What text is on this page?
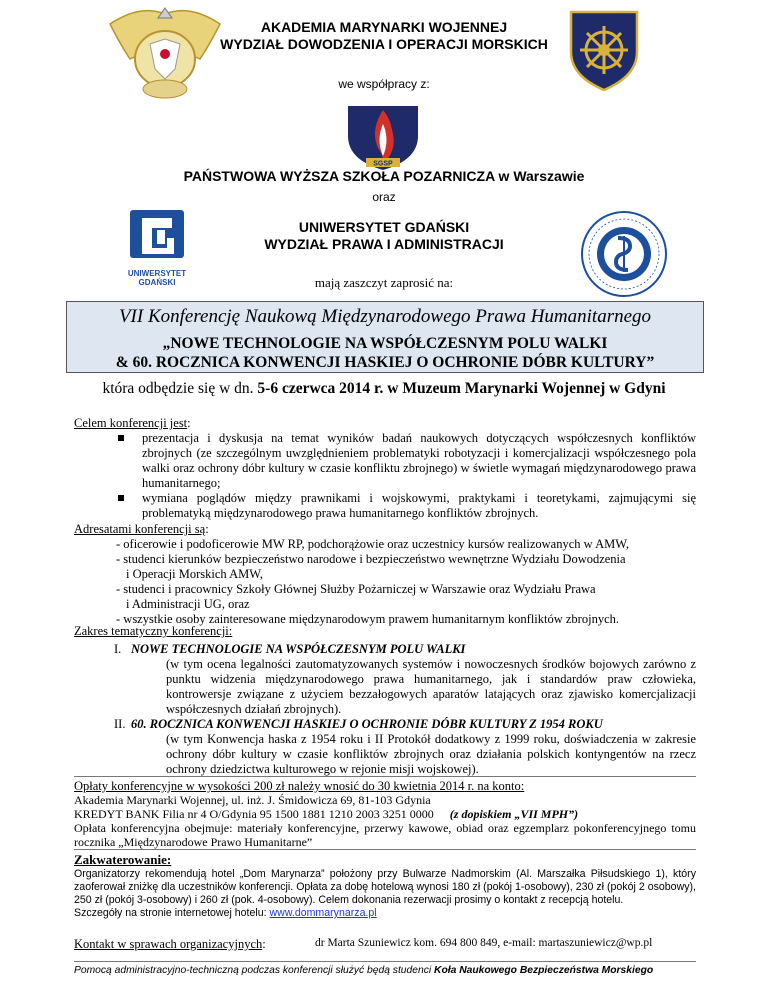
SGSP
UNIWERSYTET GDAŃSKI
AKADEMIA MARYNARKI WOJENNEJ
WYDZIAŁ DOWODZENIA I OPERACJI MORSKICH
we współpracy z:
PAŃSTWOWA WYŻSZA SZKOŁA POZARNICZA w Warszawie
oraz
UNIWERSYTET GDAŃSKI
WYDZIAŁ PRAWA I ADMINISTRACJI
mają zaszczyt zaprosić na:
VII Konferencję Naukową Międzynarodowego Prawa Humanitarnego
„NOWE TECHNOLOGIE NA WSPÓŁCZESNYM POLU WALKI
& 60. ROCZNICA KONWENCJI HASKIEJ O OCHRONIE DÓBR KULTURY”
która odbędzie się w dn. 5-6 czerwca 2014 r. w Muzeum Marynarki Wojennej w Gdyni
Celem konferencji jest:
prezentacja i dyskusja na temat wyników badań naukowych dotyczących współczesnych konfliktów zbrojnych (ze szczególnym uwzględnieniem problematyki robotyzacji i komercjalizacji współczesnego pola walki oraz ochrony dóbr kultury w czasie konfliktu zbrojnego) w świetle wymagań międzynarodowego prawa humanitarnego;
wymiana poglądów między prawnikami i wojskowymi, praktykami i teoretykami, zajmującymi się problematyką międzynarodowego prawa humanitarnego konfliktów zbrojnych.
Adresatami konferencji są:
- oficerowie i podoficerowie MW RP, podchorążowie oraz uczestnicy kursów realizowanych w AMW,
- studenci kierunków bezpieczeństwo narodowe i bezpieczeństwo wewnętrzne Wydziału Dowodzenia
i Operacji Morskich AMW,
- studenci i pracownicy Szkoły Głównej Służby Pożarniczej w Warszawie oraz Wydziału Prawa
i Administracji UG, oraz
- wszystkie osoby zainteresowane międzynarodowym prawem humanitarnym konfliktów zbrojnych.
Zakres tematyczny konferencji:
I. NOWE TECHNOLOGIE NA WSPÓŁCZESNYM POLU WALKI
(w tym ocena legalności zautomatyzowanych systemów i nowoczesnych środków bojowych zarówno z punktu widzenia międzynarodowego prawa humanitarnego, jak i standardów praw człowieka, kontrowersje związane z użyciem bezzałogowych aparatów latających oraz zjawisko komercjalizacji współczesnych działań zbrojnych).
II. 60. ROCZNICA KONWENCJI HASKIEJ O OCHRONIE DÓBR KULTURY Z 1954 ROKU
(w tym Konwencja haska z 1954 roku i II Protokół dodatkowy z 1999 roku, doświadczenia w zakresie ochrony dóbr kultury w czasie konfliktów zbrojnych oraz działania polskich kontyngentów na rzecz ochrony dziedzictwa kulturowego w rejonie misji wojskowej).
Opłaty konferencyjne w wysokości 200 zł należy wnosić do 30 kwietnia 2014 r. na konto:
Akademia Marynarki Wojennej, ul. inż. J. Śmidowicza 69, 81-103 Gdynia
KREDYT BANK Filia nr 4 O/Gdynia 95 1500 1881 1210 2003 3251 0000 (z dopiskiem „VII MPH”)
Opłata konferencyjna obejmuje: materiały konferencyjne, przerwy kawowe, obiad oraz egzemplarz pokonferencyjnego tomu rocznika „Międzynarodowe Prawo Humanitarne”
Zakwaterowanie:
Organizatorzy rekomendują hotel „Dom Marynarza” położony przy Bulwarze Nadmorskim (Al. Marszałka Piłsudskiego 1), który zaoferował zniżkę dla uczestników konferencji. Opłata za dobę hotelową wynosi 180 zł (pokój 1-osobowy), 230 zł (pokój 2 osobowy), 250 zł (pokój 3-osobowy) i 260 zł (pok. 4-osobowy). Celem dokonania rezerwacji prosimy o kontakt z recepcją hotelu.
Szczegóły na stronie internetowej hotelu: www.dommarynarza.pl
Kontakt w sprawach organizacyjnych:	dr Marta Szuniewicz kom. 694 800 849, e-mail: martaszuniewicz@wp.pl
Pomocą administracyjno-techniczną podczas konferencji służyć będą studenci Koła Naukowego Bezpieczeństwa Morskiego
